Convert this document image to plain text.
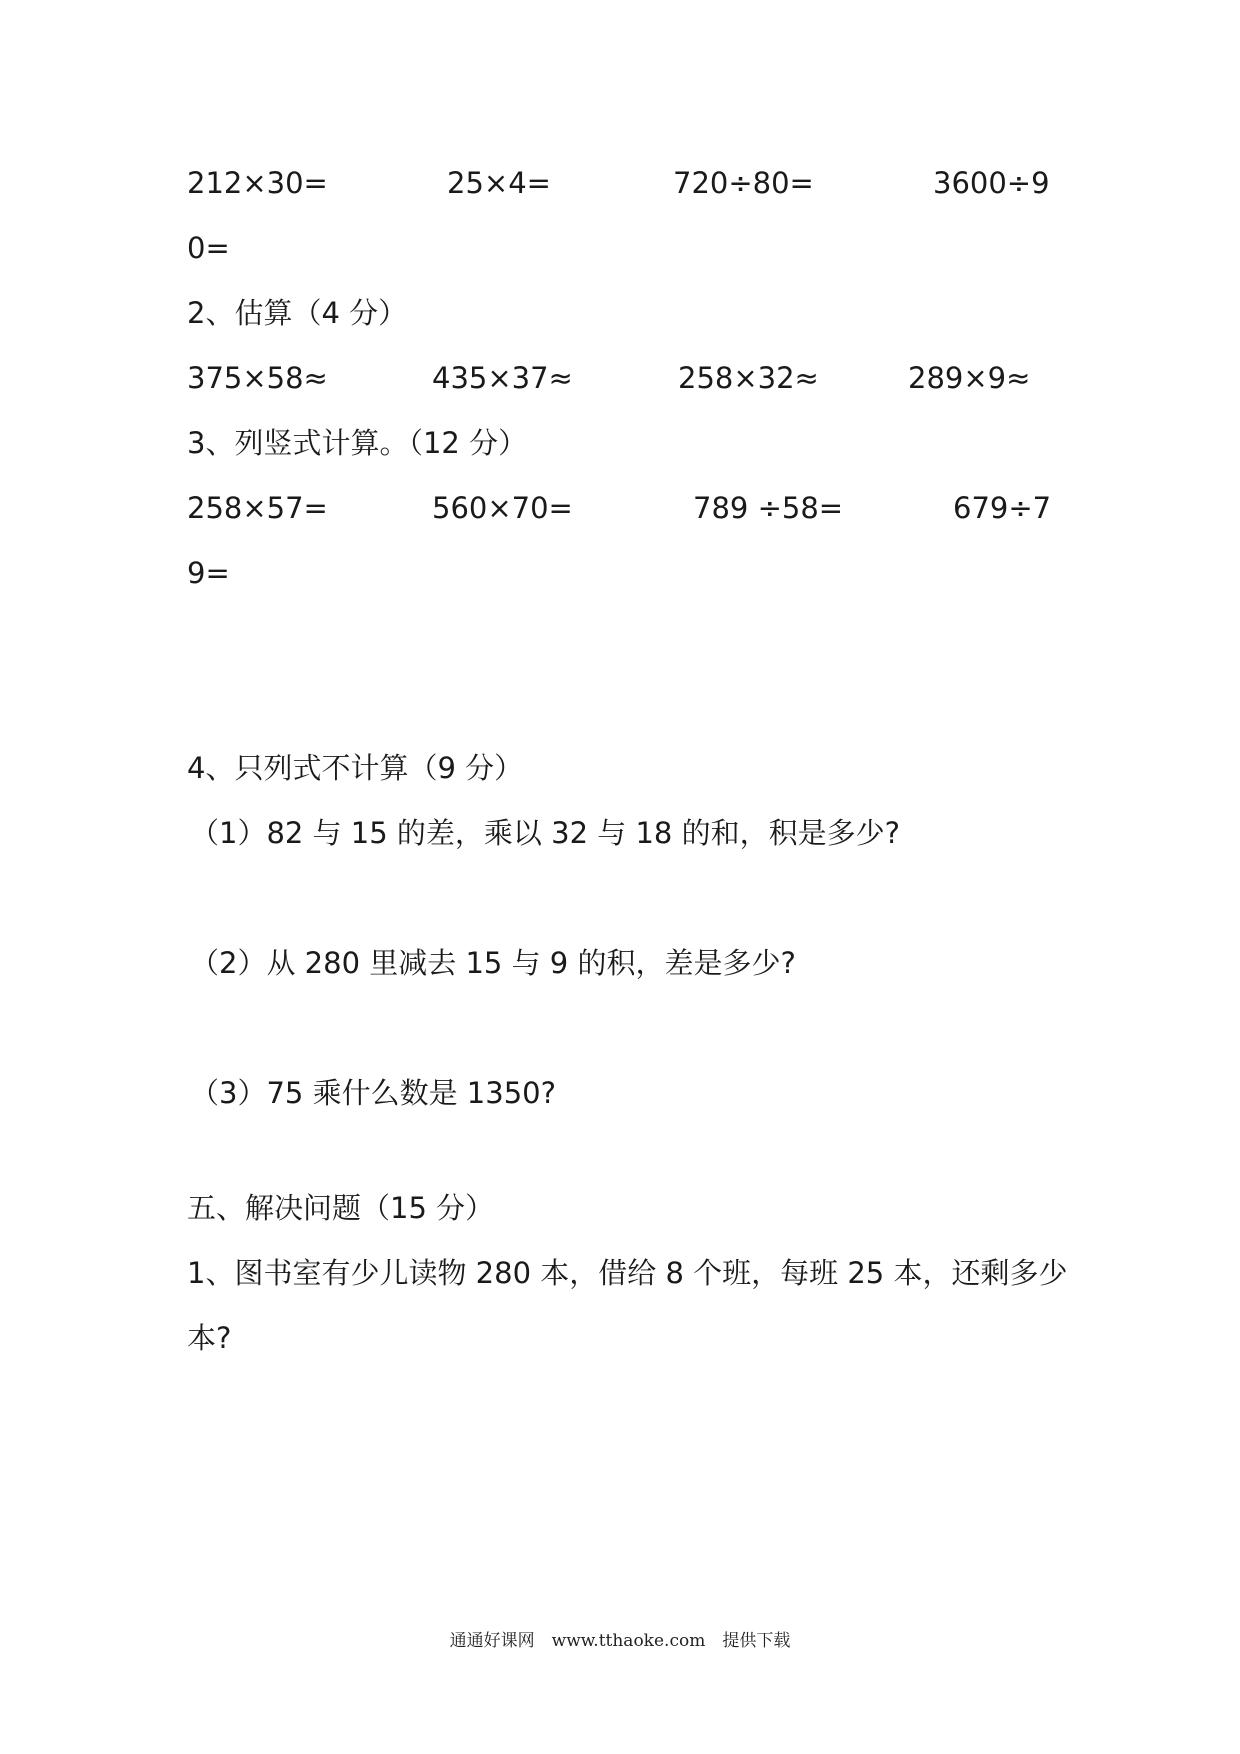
212×30=	25×4=	720÷80=	3600÷9
0=
2、估算（4 分）
375×58≈	435×37≈	258×32≈	289×9≈
3、列竖式计算。（12 分）
258×57=	560×70=	789 ÷58=	679÷7
9=
4、只列式不计算（9 分）
（1）82 与 15 的差，乘以 32 与 18 的和，积是多少?
（2）从 280 里减去 15 与 9 的积，差是多少?
（3）75 乘什么数是 1350?
五、解决问题（15 分）
1、图书室有少儿读物 280 本，借给 8 个班，每班 25 本，还剩多少
本?
通通好课网　www.tthaoke.com　提供下载
